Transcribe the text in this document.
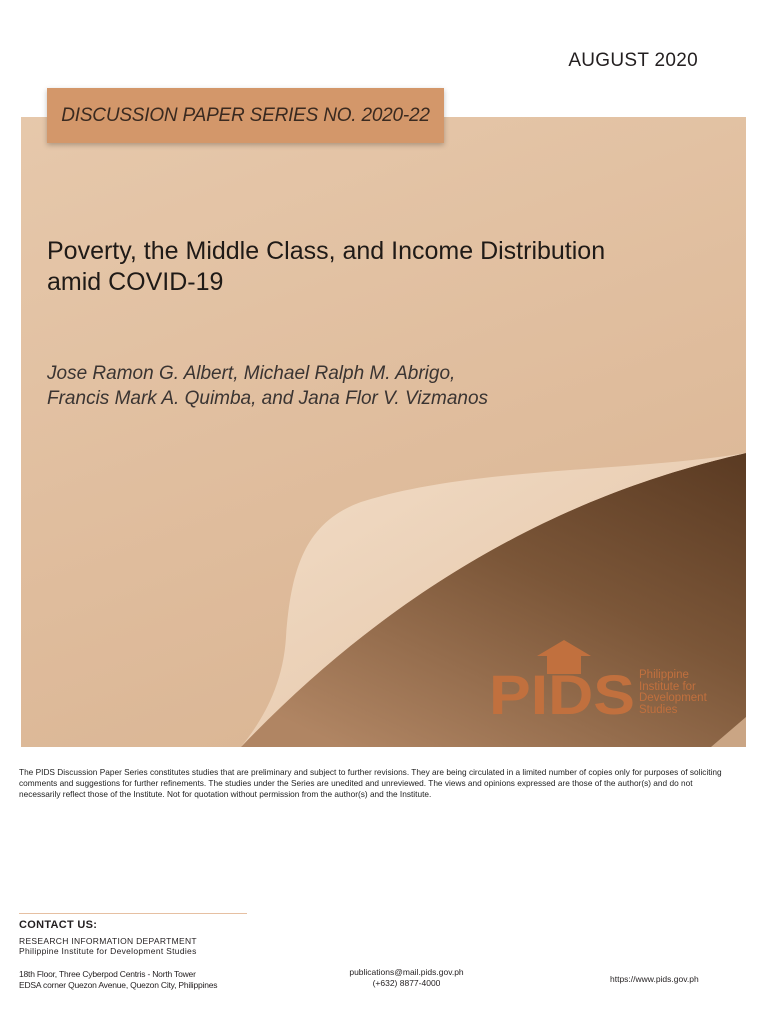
AUGUST 2020
DISCUSSION PAPER SERIES NO. 2020-22
Poverty, the Middle Class, and Income Distribution
amid COVID-19
Jose Ramon G. Albert, Michael Ralph M. Abrigo,
Francis Mark A. Quimba, and Jana Flor V. Vizmanos
PIDS Philippine
Institute for
Development
Studies
The PIDS Discussion Paper Series constitutes studies that are preliminary and subject to further revisions. They are being circulated in a limited number of copies only for purposes of soliciting comments and suggestions for further refinements. The studies under the Series are unedited and unreviewed. The views and opinions expressed are those of the author(s) and do not necessarily reflect those of the Institute. Not for quotation without permission from the author(s) and the Institute.
CONTACT US:
RESEARCH INFORMATION DEPARTMENT
Philippine Institute for Development Studies
18th Floor, Three Cyberpod Centris - North Tower
EDSA corner Quezon Avenue, Quezon City, Philippines
publications@mail.pids.gov.ph
(+632) 8877-4000	https://www.pids.gov.ph
